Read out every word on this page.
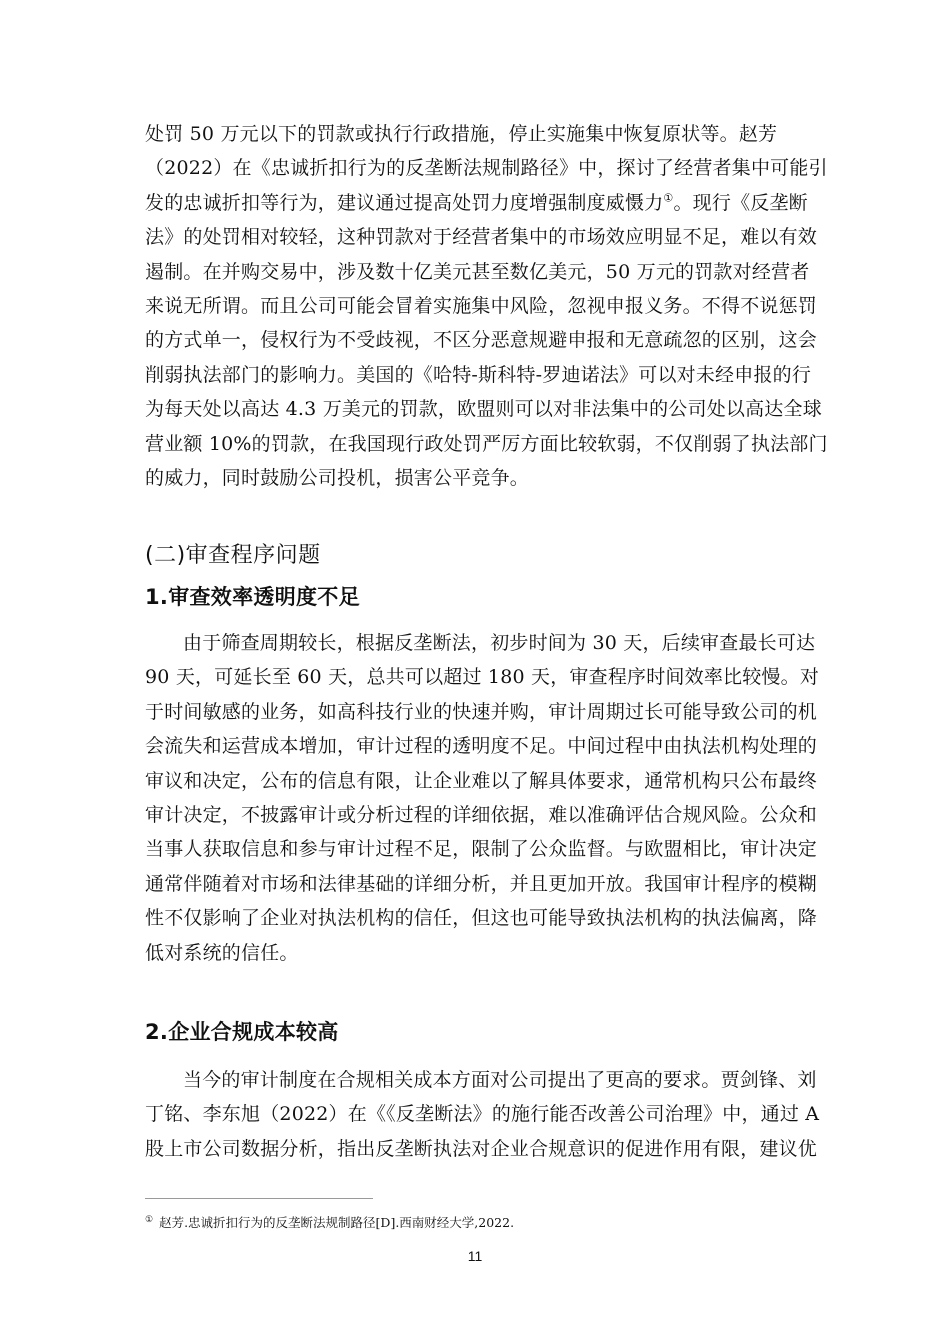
处罚 50 万元以下的罚款或执行行政措施，停止实施集中恢复原状等。赵芳
（2022）在《忠诚折扣行为的反垄断法规制路径》中，探讨了经营者集中可能引
发的忠诚折扣等行为，建议通过提高处罚力度增强制度威慑力①。现行《反垄断
法》的处罚相对较轻，这种罚款对于经营者集中的市场效应明显不足，难以有效
遏制。在并购交易中，涉及数十亿美元甚至数亿美元，50 万元的罚款对经营者
来说无所谓。而且公司可能会冒着实施集中风险，忽视申报义务。不得不说惩罚
的方式单一，侵权行为不受歧视，不区分恶意规避申报和无意疏忽的区别，这会
削弱执法部门的影响力。美国的《哈特-斯科特-罗迪诺法》可以对未经申报的行
为每天处以高达 4.3 万美元的罚款，欧盟则可以对非法集中的公司处以高达全球
营业额 10%的罚款，在我国现行政处罚严厉方面比较软弱，不仅削弱了执法部门
的威力，同时鼓励公司投机，损害公平竞争。
(二)审查程序问题
1.审查效率透明度不足
由于筛查周期较长，根据反垄断法，初步时间为 30 天，后续审查最长可达
90 天，可延长至 60 天，总共可以超过 180 天，审查程序时间效率比较慢。对
于时间敏感的业务，如高科技行业的快速并购，审计周期过长可能导致公司的机
会流失和运营成本增加，审计过程的透明度不足。中间过程中由执法机构处理的
审议和决定，公布的信息有限，让企业难以了解具体要求，通常机构只公布最终
审计决定，不披露审计或分析过程的详细依据，难以准确评估合规风险。公众和
当事人获取信息和参与审计过程不足，限制了公众监督。与欧盟相比，审计决定
通常伴随着对市场和法律基础的详细分析，并且更加开放。我国审计程序的模糊
性不仅影响了企业对执法机构的信任，但这也可能导致执法机构的执法偏离，降
低对系统的信任。
2.企业合规成本较高
当今的审计制度在合规相关成本方面对公司提出了更高的要求。贾剑锋、刘
丁铭、李东旭（2022）在《《反垄断法》的施行能否改善公司治理》中，通过 A
股上市公司数据分析，指出反垄断执法对企业合规意识的促进作用有限，建议优
① 赵芳.忠诚折扣行为的反垄断法规制路径[D].西南财经大学,2022.
11
